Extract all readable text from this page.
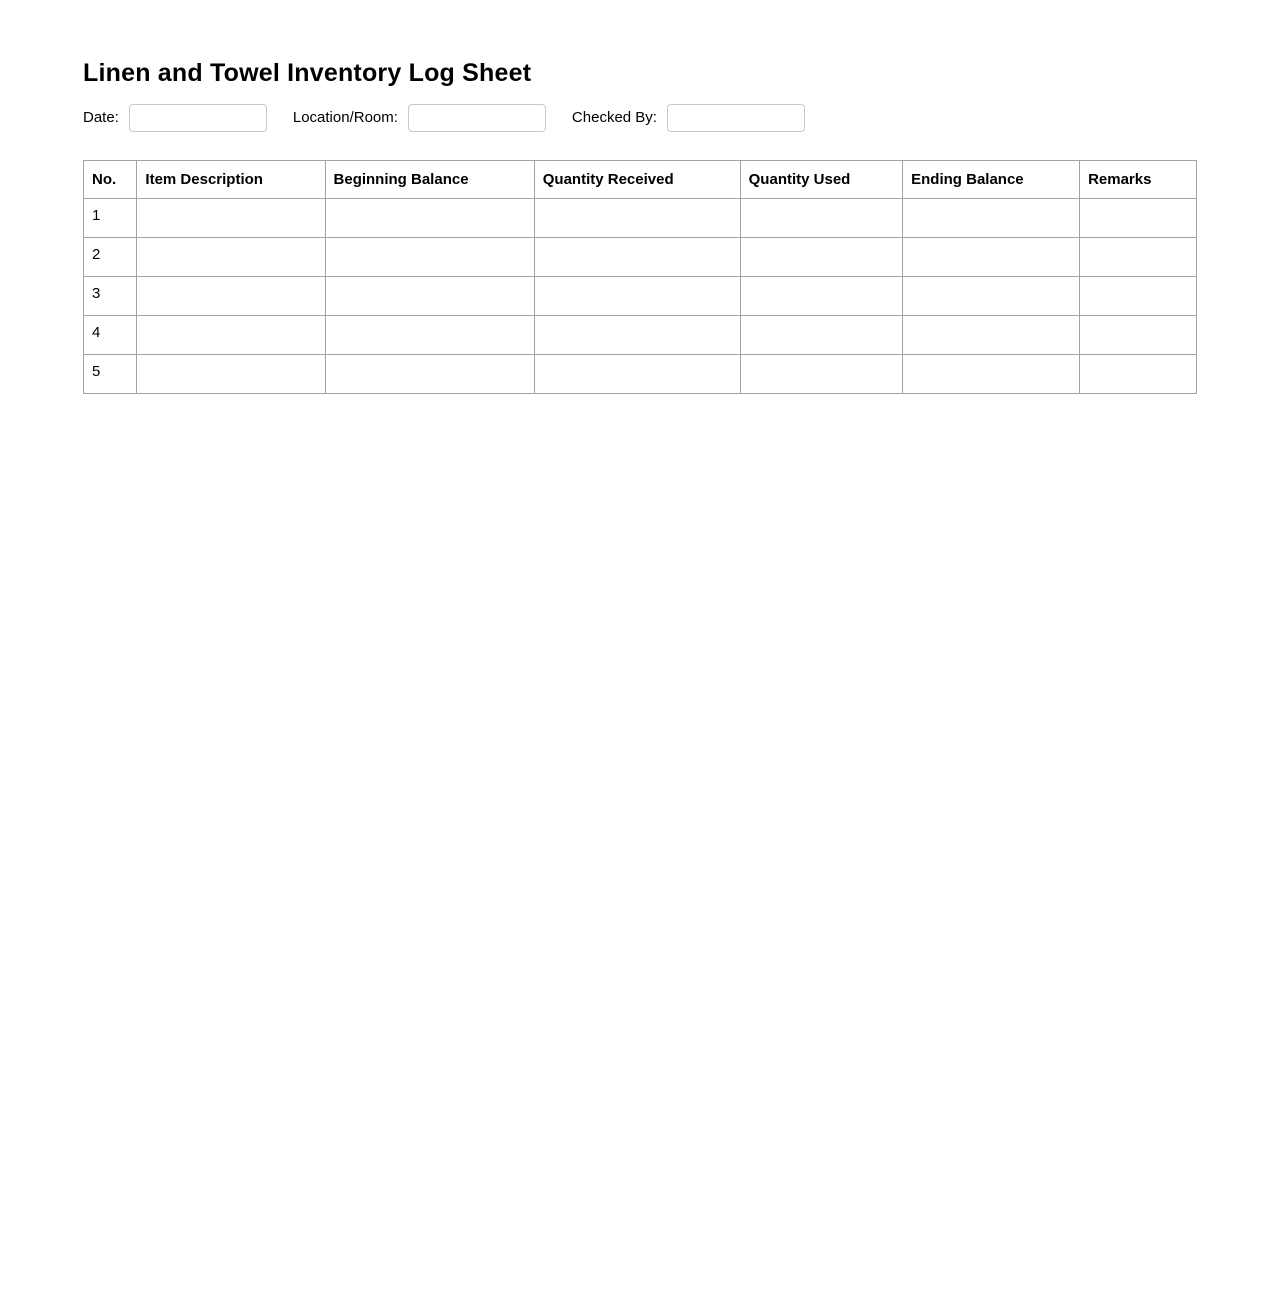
Linen and Towel Inventory Log Sheet
Date:	Location/Room:	Checked By:
No.	Item Description	Beginning Balance	Quantity Received	Quantity Used	Ending Balance	Remarks
1						
2						
3						
4						
5						
